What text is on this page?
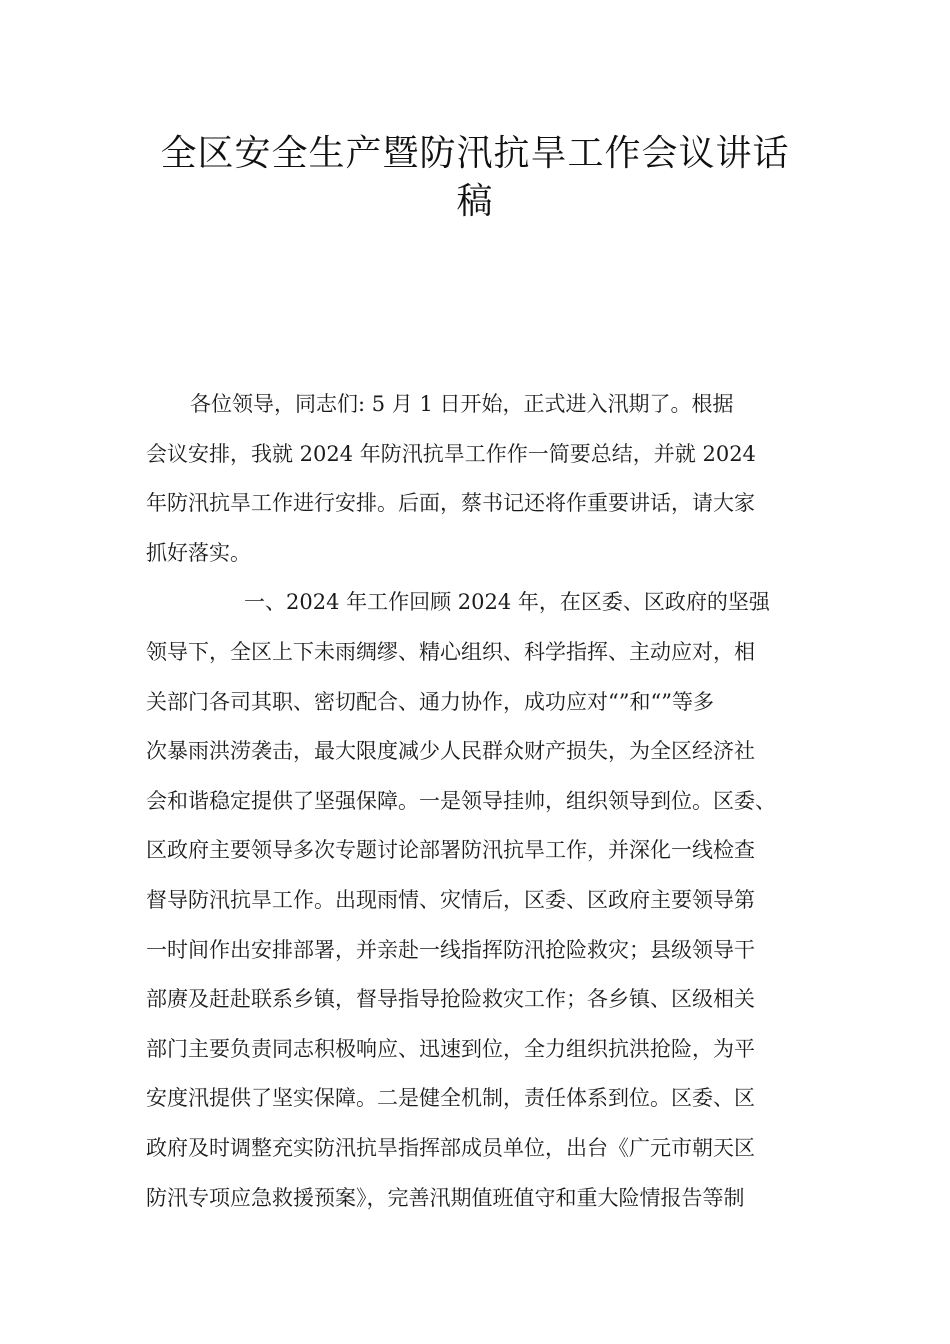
全区安全生产暨防汛抗旱工作会议讲话
稿
各位领导，同志们: 5 月 1 日开始，正式进入汛期了。根据
会议安排，我就 2024 年防汛抗旱工作作一简要总结，并就 2024
年防汛抗旱工作进行安排。后面，蔡书记还将作重要讲话，请大家
抓好落实。
一、2024 年工作回顾 2024 年，在区委、区政府的坚强
领导下，全区上下未雨绸缪、精心组织、科学指挥、主动应对，相
关部门各司其职、密切配合、通力协作，成功应对“”和“”等多
次暴雨洪涝袭击，最大限度减少人民群众财产损失，为全区经济社
会和谐稳定提供了坚强保障。一是领导挂帅，组织领导到位。区委、
区政府主要领导多次专题讨论部署防汛抗旱工作，并深化一线检查
督导防汛抗旱工作。出现雨情、灾情后，区委、区政府主要领导第
一时间作出安排部署，并亲赴一线指挥防汛抢险救灾；县级领导干
部赓及赶赴联系乡镇，督导指导抢险救灾工作；各乡镇、区级相关
部门主要负责同志积极响应、迅速到位，全力组织抗洪抢险，为平
安度汛提供了坚实保障。二是健全机制，责任体系到位。区委、区
政府及时调整充实防汛抗旱指挥部成员单位，出台《广元市朝天区
防汛专项应急救援预案》，完善汛期值班值守和重大险情报告等制
